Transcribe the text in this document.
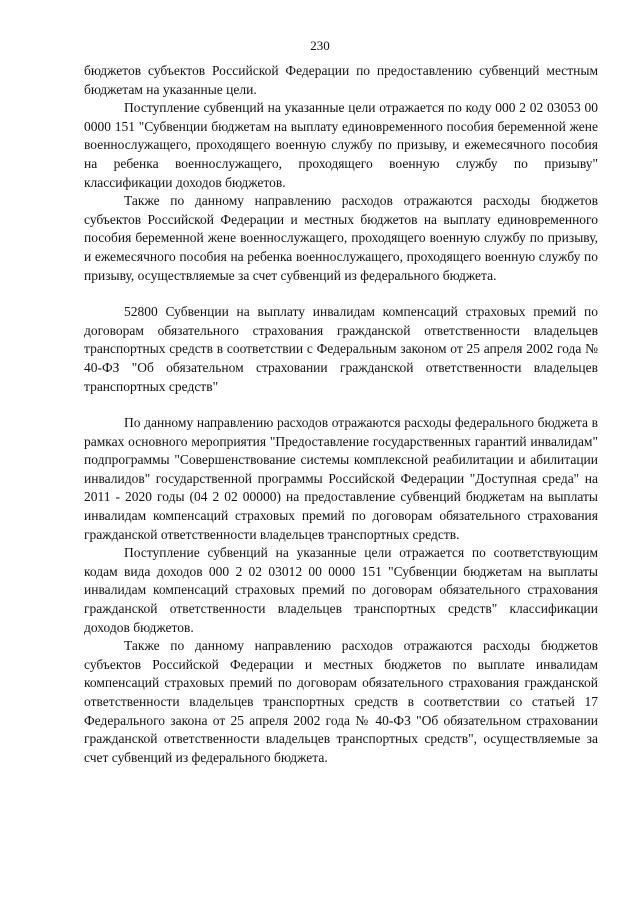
230

бюджетов субъектов Российской Федерации по предоставлению субвенций местным бюджетам на указанные цели.

Поступление субвенций на указанные цели отражается по коду 000 2 02 03053 00 0000 151 "Субвенции бюджетам на выплату единовременного пособия беременной жене военнослужащего, проходящего военную службу по призыву, и ежемесячного пособия на ребенка военнослужащего, проходящего военную службу по призыву" классификации доходов бюджетов.

Также по данному направлению расходов отражаются расходы бюджетов субъектов Российской Федерации и местных бюджетов на выплату единовременного пособия беременной жене военнослужащего, проходящего военную службу по призыву, и ежемесячного пособия на ребенка военнослужащего, проходящего военную службу по призыву, осуществляемые за счет субвенций из федерального бюджета.

52800 Субвенции на выплату инвалидам компенсаций страховых премий по договорам обязательного страхования гражданской ответственности владельцев транспортных средств в соответствии с Федеральным законом от 25 апреля 2002 года № 40-ФЗ "Об обязательном страховании гражданской ответственности владельцев транспортных средств"

По данному направлению расходов отражаются расходы федерального бюджета в рамках основного мероприятия "Предоставление государственных гарантий инвалидам" подпрограммы "Совершенствование системы комплексной реабилитации и абилитации инвалидов" государственной программы Российской Федерации "Доступная среда" на 2011 - 2020 годы (04 2 02 00000) на предоставление субвенций бюджетам на выплаты инвалидам компенсаций страховых премий по договорам обязательного страхования гражданской ответственности владельцев транспортных средств.

Поступление субвенций на указанные цели отражается по соответствующим кодам вида доходов 000 2 02 03012 00 0000 151 "Субвенции бюджетам на выплаты инвалидам компенсаций страховых премий по договорам обязательного страхования гражданской ответственности владельцев транспортных средств" классификации доходов бюджетов.

Также по данному направлению расходов отражаются расходы бюджетов субъектов Российской Федерации и местных бюджетов по выплате инвалидам компенсаций страховых премий по договорам обязательного страхования гражданской ответственности владельцев транспортных средств в соответствии со статьей 17 Федерального закона от 25 апреля 2002 года № 40-ФЗ "Об обязательном страховании гражданской ответственности владельцев транспортных средств", осуществляемые за счет субвенций из федерального бюджета.
